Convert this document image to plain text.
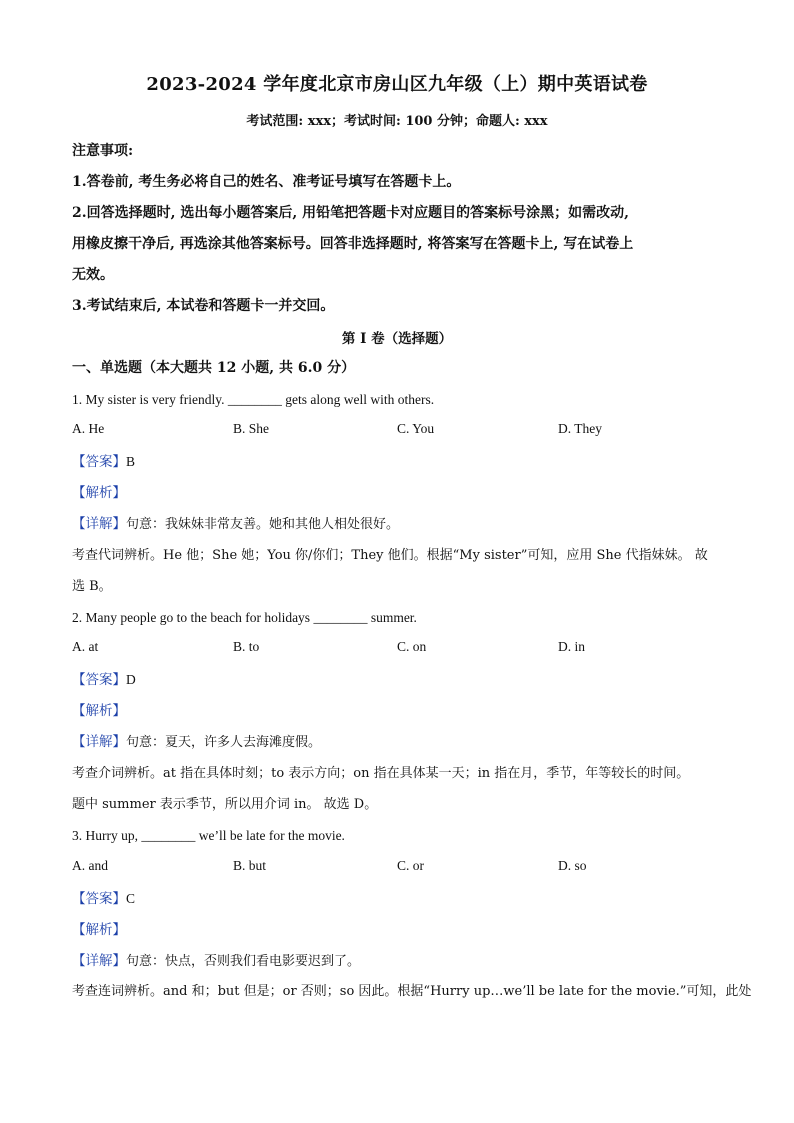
2023-2024 学年度北京市房山区九年级（上）期中英语试卷
考试范围: xxx；考试时间: 100 分钟；命题人: xxx
注意事项:
1.答卷前, 考生务必将自己的姓名、准考证号填写在答题卡上。
2.回答选择题时, 选出每小题答案后, 用铅笔把答题卡对应题目的答案标号涂黑；如需改动,
用橡皮擦干净后, 再选涂其他答案标号。回答非选择题时, 将答案写在答题卡上, 写在试卷上
无效。
3.考试结束后, 本试卷和答题卡一并交回。
第 I 卷（选择题）
一、单选题（本大题共 12 小题, 共 6.0 分）
1. My sister is very friendly. ________ gets along well with others.
A. He	B. She	C. You	D. They
【答案】B
【解析】
【详解】句意：我妹妹非常友善。她和其他人相处很好。
考查代词辨析。He 他；She 她；You 你/你们；They 他们。根据“My sister”可知，应用 She 代指妹妹。 故
选 B。
2. Many people go to the beach for holidays ________ summer.
A. at	B. to	C. on	D. in
【答案】D
【解析】
【详解】句意：夏天，许多人去海滩度假。
考查介词辨析。at 指在具体时刻；to 表示方向；on 指在具体某一天；in 指在月，季节，年等较长的时间。
题中 summer 表示季节，所以用介词 in。 故选 D。
3. Hurry up, ________ we’ll be late for the movie.
A. and	B. but	C. or	D. so
【答案】C
【解析】
【详解】句意：快点，否则我们看电影要迟到了。
考查连词辨析。and 和；but 但是；or 否则；so 因此。根据“Hurry up…we’ll be late for the movie.”可知，此处
